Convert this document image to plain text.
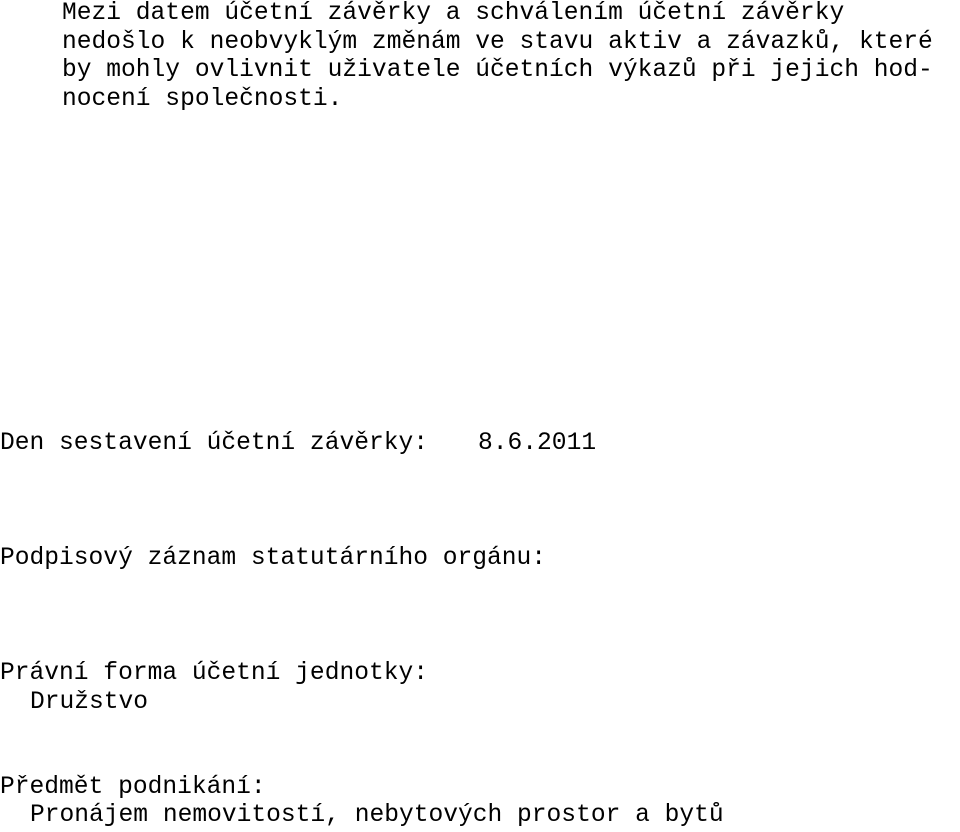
Mezi datem účetní závěrky a schválením účetní závěrky

nedošlo k neobvyklým změnám ve stavu aktiv a závazků, které

by mohly ovlivnit uživatele účetních výkazů při jejich hod-

nocení společnosti.

Den sestavení účetní závěrky: 8.6.2011
Podpisový záznam statutárního orgánu:
Právní forma účetní jednotky:
Družstvo
Předmět podnikání:
Pronájem nemovitostí, nebytových prostor a bytů
